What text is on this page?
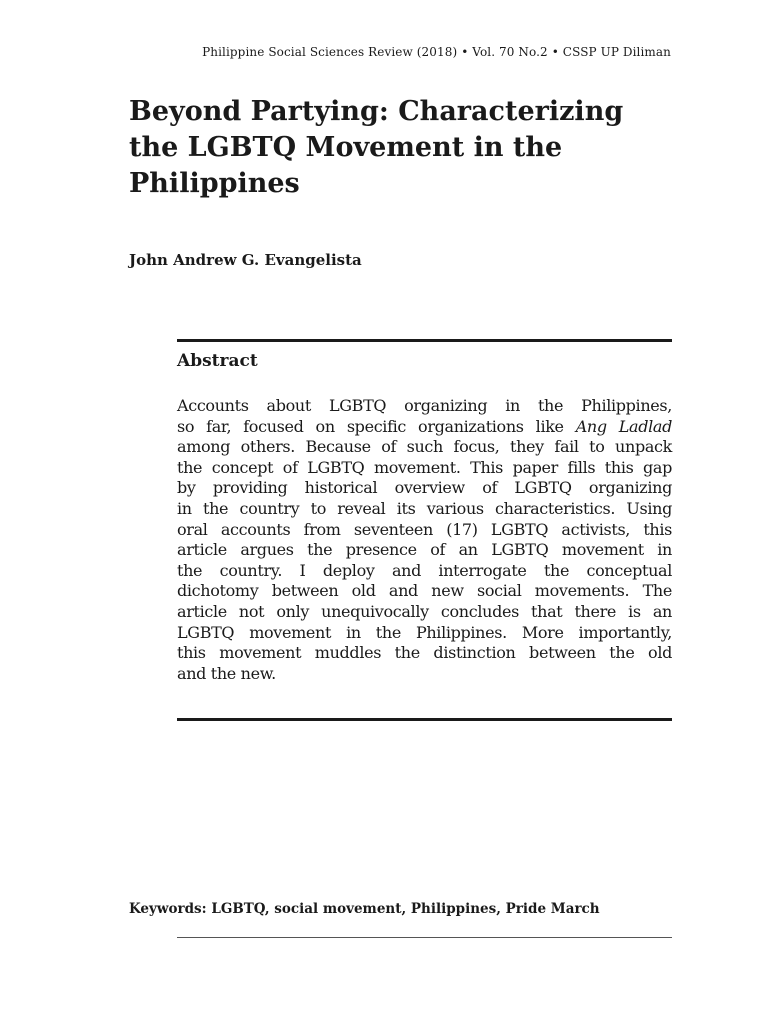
Philippine Social Sciences Review (2018) • Vol. 70 No.2 • CSSP UP Diliman
Beyond Partying: Characterizing
the LGBTQ Movement in the
Philippines
John Andrew G. Evangelista
Abstract
Accounts about LGBTQ organizing in the Philippines,
so far, focused on specific organizations like Ang Ladlad
among others. Because of such focus, they fail to unpack
the concept of LGBTQ movement. This paper fills this gap
by providing historical overview of LGBTQ organizing
in the country to reveal its various characteristics. Using
oral accounts from seventeen (17) LGBTQ activists, this
article argues the presence of an LGBTQ movement in
the country. I deploy and interrogate the conceptual
dichotomy between old and new social movements. The
article not only unequivocally concludes that there is an
LGBTQ movement in the Philippines. More importantly,
this movement muddles the distinction between the old
and the new.
Keywords: LGBTQ, social movement, Philippines, Pride March
